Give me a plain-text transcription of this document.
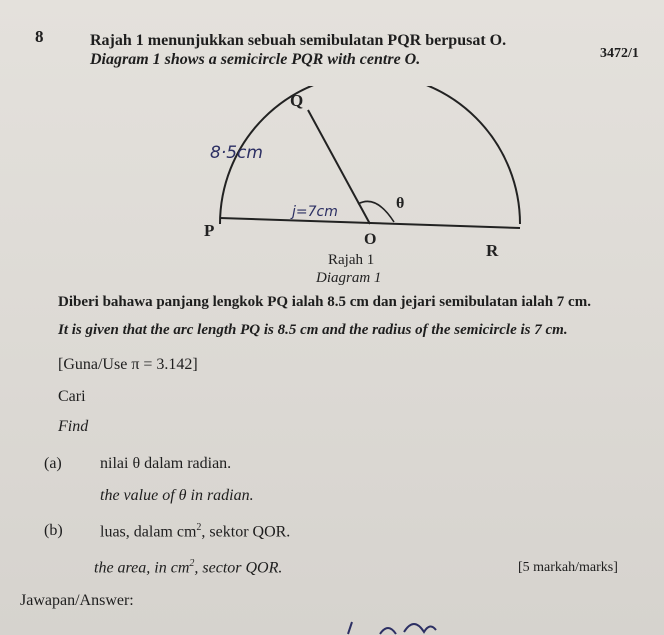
8
3472/1
Rajah 1 menunjukkan sebuah semibulatan PQR berpusat O.
Diagram 1 shows a semicircle PQR with centre O.
Q
P	O
R
θ
8·5cm
j=7cm
Rajah 1
Diagram 1
Diberi bahawa panjang lengkok PQ ialah 8.5 cm dan jejari semibulatan ialah 7 cm.
It is given that the arc length PQ is 8.5 cm and the radius of the semicircle is 7 cm.
[Guna/Use π = 3.142]
Cari
Find
(a) nilai θ dalam radian.
the value of θ in radian.
(b) luas, dalam $cm^2$, sektor QOR.
the area, in $cm^2$, sector QOR.	[5 markah/marks]
Jawapan/Answer:
